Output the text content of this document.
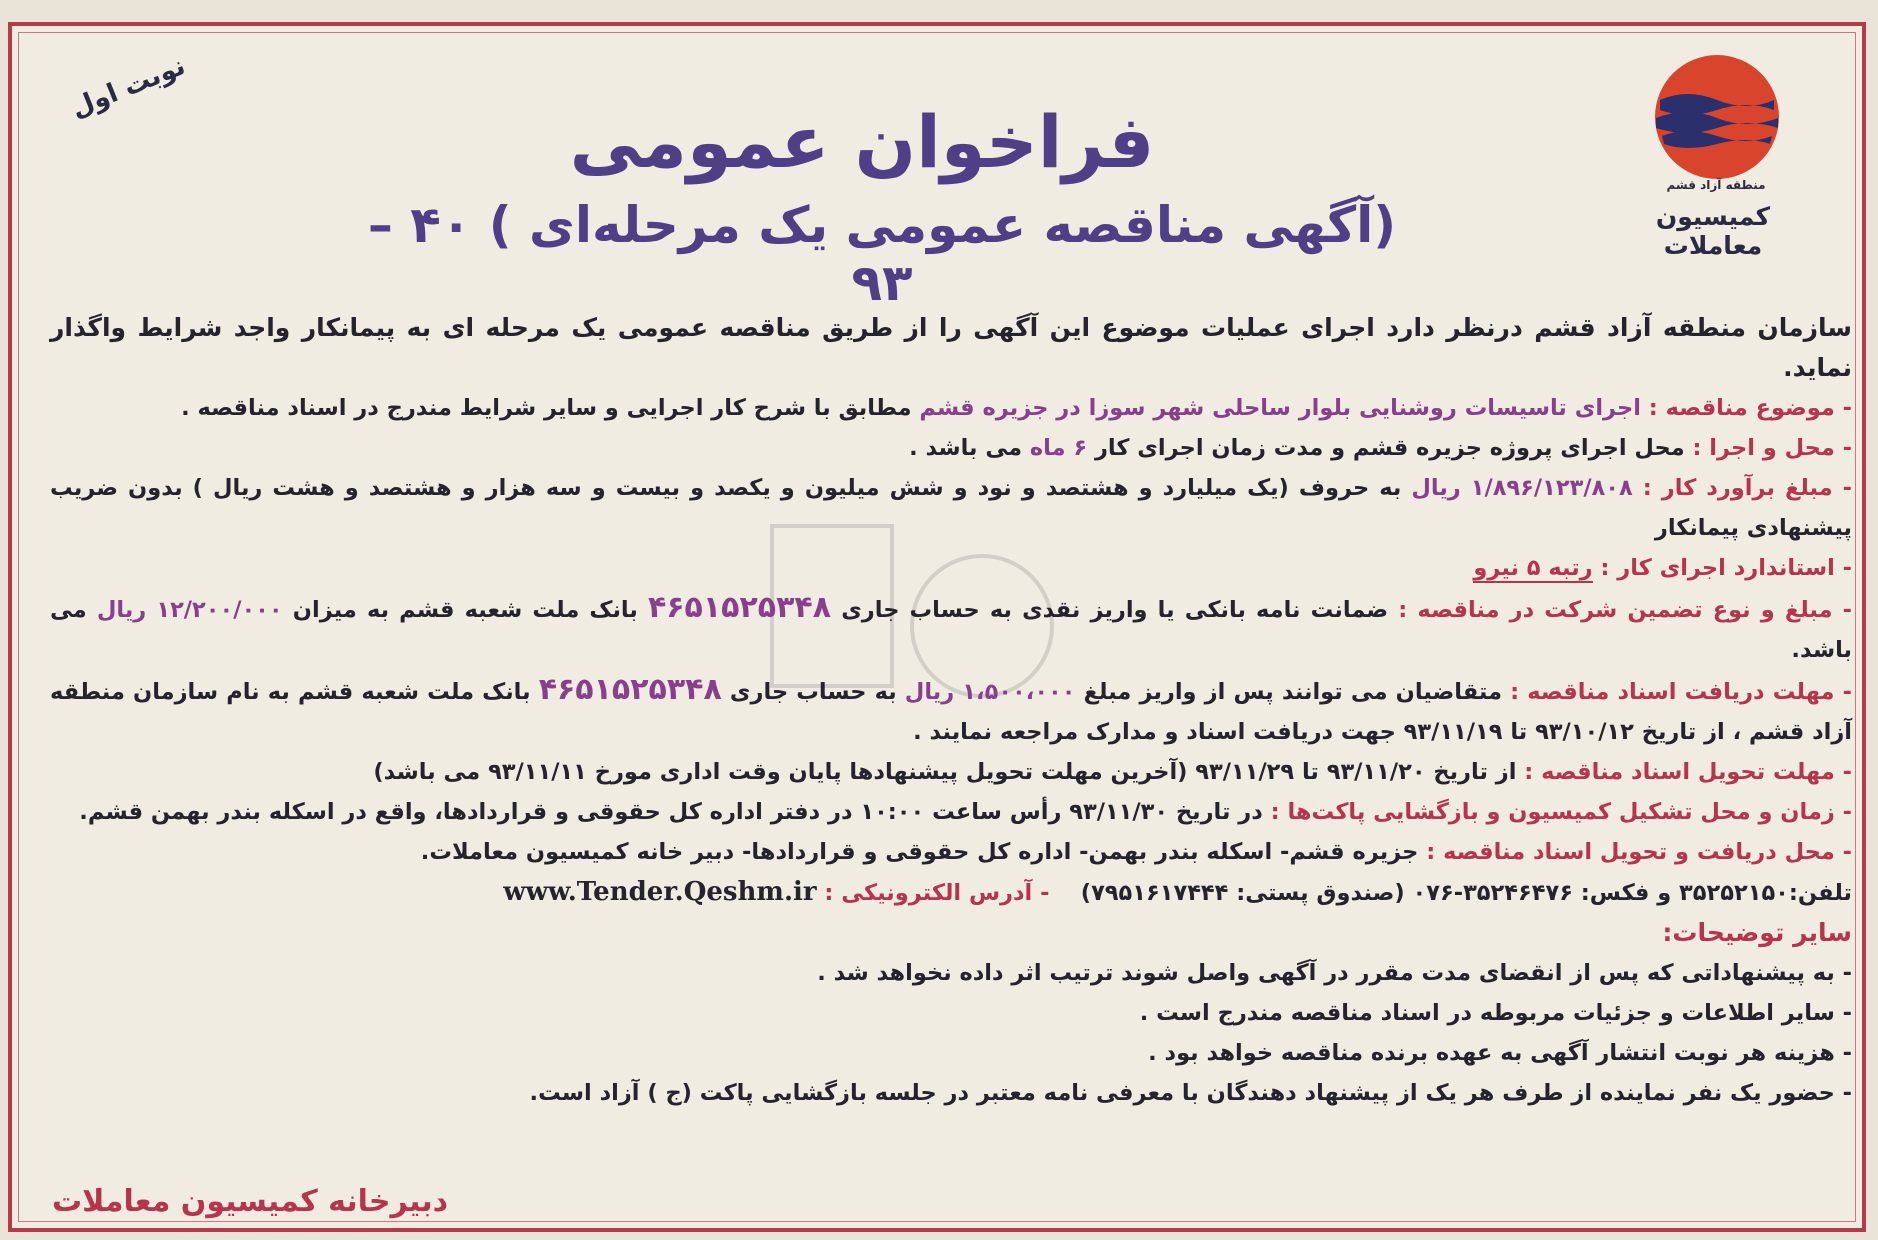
منطقه آزاد قشم
کمیسیون معاملات
نوبت اول
فراخوان عمومی
(آگهی مناقصه عمومی یک مرحله‌ای ) ۴۰ – ۹۳

سازمان منطقه آزاد قشم درنظر دارد اجرای عملیات موضوع این آگهی را از طریق مناقصه عمومی یک مرحله ای به پیمانکار واجد شرایط واگذار نماید.

- موضوع مناقصه : اجرای تاسیسات روشنایی بلوار ساحلی شهر سوزا در جزیره قشم مطابق با شرح کار اجرایی و سایر شرایط مندرج در اسناد مناقصه .

- محل و اجرا : محل اجرای پروژه جزیره قشم و مدت زمان اجرای کار ۶ ماه می باشد .

- مبلغ برآورد کار : ۱/۸۹۶/۱۲۳/۸۰۸ ریال به حروف (یک میلیارد و هشتصد و نود و شش میلیون و یکصد و بیست و سه هزار و هشتصد و هشت ریال ) بدون ضریب پیشنهادی پیمانکار

- استاندارد اجرای کار : رتبه ۵ نیرو

- مبلغ و نوع تضمین شرکت در مناقصه : ضمانت نامه بانکی یا واریز نقدی به حساب جاری ۴۶۵۱۵۲۵۳۴۸ بانک ملت شعبه قشم به میزان ۱۲/۲۰۰/۰۰۰ ریال می باشد.

- مهلت دریافت اسناد مناقصه : متقاضیان می توانند پس از واریز مبلغ ۱،۵۰۰،۰۰۰ ریال به حساب جاری ۴۶۵۱۵۲۵۳۴۸ بانک ملت شعبه قشم به نام سازمان منطقه آزاد قشم ، از تاریخ ۹۳/۱۰/۱۲ تا ۹۳/۱۱/۱۹ جهت دریافت اسناد و مدارک مراجعه نمایند .

- مهلت تحویل اسناد مناقصه : از تاریخ ۹۳/۱۱/۲۰ تا ۹۳/۱۱/۲۹ (آخرین مهلت تحویل پیشنهادها پایان وقت اداری مورخ ۹۳/۱۱/۱۱ می باشد)

- زمان و محل تشکیل کمیسیون و بازگشایی پاکت‌ها : در تاریخ ۹۳/۱۱/۳۰ رأس ساعت ۱۰:۰۰ در دفتر اداره کل حقوقی و قراردادها، واقع در اسکله بندر بهمن قشم.

- محل دریافت و تحویل اسناد مناقصه : جزیره قشم- اسکله بندر بهمن- اداره کل حقوقی و قراردادها- دبیر خانه کمیسیون معاملات.

تلفن:۳۵۲۵۲۱۵۰ و فکس: ۳۵۲۴۶۴۷۶-۰۷۶ (صندوق پستی: ۷۹۵۱۶۱۷۴۴۴)    - آدرس الکترونیکی : www.Tender.Qeshm.ir

سایر توضیحات:

- به پیشنهاداتی که پس از انقضای مدت مقرر در آگهی واصل شوند ترتیب اثر داده نخواهد شد .

- سایر اطلاعات و جزئیات مربوطه در اسناد مناقصه مندرج است .

- هزینه هر نوبت انتشار آگهی به عهده برنده مناقصه خواهد بود .

- حضور یک نفر نماینده از طرف هر یک از پیشنهاد دهندگان با معرفی نامه معتبر در جلسه بازگشایی پاکت (ج ) آزاد است.

دبیرخانه کمیسیون معاملات
